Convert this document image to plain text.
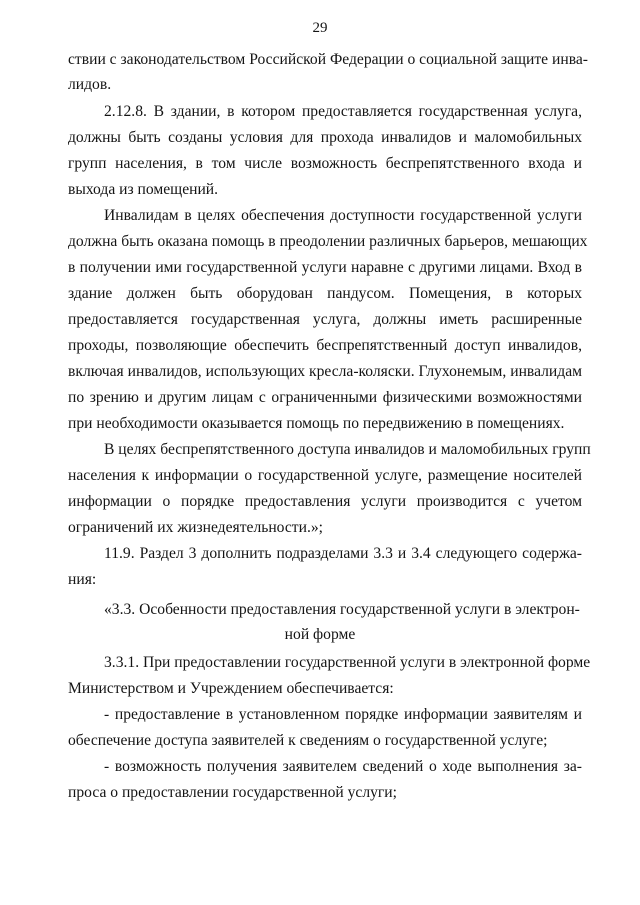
29
ствии с законодательством Российской Федерации о социальной защите инва-
лидов.
2.12.8. В здании, в котором предоставляется государственная услуга,
должны быть созданы условия для прохода инвалидов и маломобильных
групп населения, в том числе возможность беспрепятственного входа и
выхода из помещений.
Инвалидам в целях обеспечения доступности государственной услуги
должна быть оказана помощь в преодолении различных барьеров, мешающих
в получении ими государственной услуги наравне с другими лицами. Вход в
здание должен быть оборудован пандусом. Помещения, в которых
предоставляется государственная услуга, должны иметь расширенные
проходы, позволяющие обеспечить беспрепятственный доступ инвалидов,
включая инвалидов, использующих кресла-коляски. Глухонемым, инвалидам
по зрению и другим лицам с ограниченными физическими возможностями
при необходимости оказывается помощь по передвижению в помещениях.
В целях беспрепятственного доступа инвалидов и маломобильных групп
населения к информации о государственной услуге, размещение носителей
информации о порядке предоставления услуги производится с учетом
ограничений их жизнедеятельности.»;
11.9. Раздел 3 дополнить подразделами 3.3 и 3.4 следующего содержа-
ния:
«3.3. Особенности предоставления государственной услуги в электрон-
ной форме
3.3.1. При предоставлении государственной услуги в электронной форме
Министерством и Учреждением обеспечивается:
- предоставление в установленном порядке информации заявителям и
обеспечение доступа заявителей к сведениям о государственной услуге;
- возможность получения заявителем сведений о ходе выполнения за-
проса о предоставлении государственной услуги;
